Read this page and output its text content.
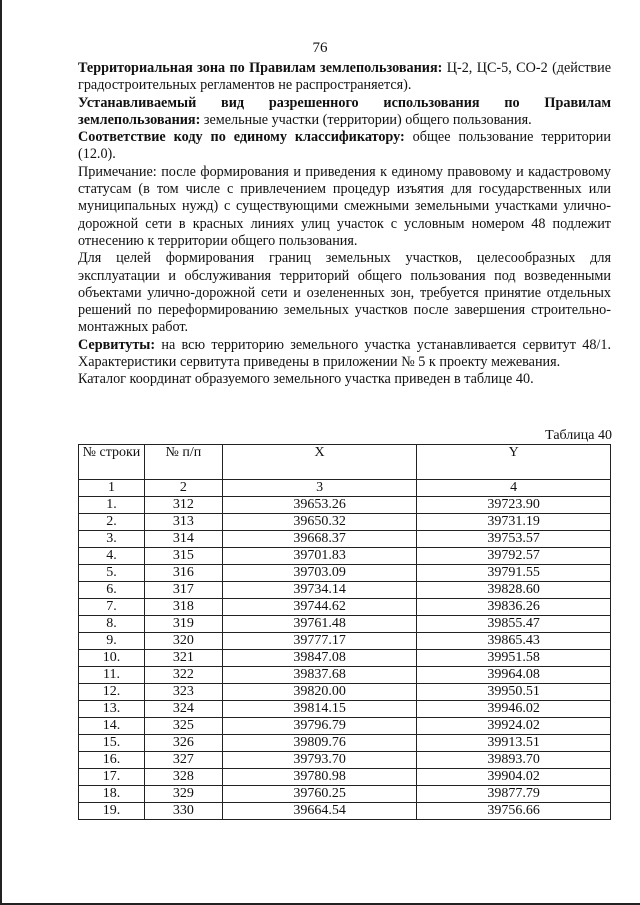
76

Территориальная зона по Правилам землепользования: Ц-2, ЦС-5, СО-2 (действие градостроительных регламентов не распространяется).

Устанавливаемый вид разрешенного использования по Правилам землепользования: земельные участки (территории) общего пользования.

Соответствие коду по единому классификатору: общее пользование территории (12.0).

Примечание: после формирования и приведения к единому правовому и кадастровому статусам (в том числе с привлечением процедур изъятия для государственных или муниципальных нужд) с существующими смежными земельными участками улично-дорожной сети в красных линиях улиц участок с условным номером 48 подлежит отнесению к территории общего пользования.

Для целей формирования границ земельных участков, целесообразных для эксплуатации и обслуживания территорий общего пользования под возведенными объектами улично-дорожной сети и озелененных зон, требуется принятие отдельных решений по переформированию земельных участков после завершения строительно-монтажных работ.

Сервитуты: на всю территорию земельного участка устанавливается сервитут 48/1. Характеристики сервитута приведены в приложении № 5 к проекту межевания.

Каталог координат образуемого земельного участка приведен в таблице 40.

Таблица 40
№ строки	№ п/п	X	Y
1	2	3	4
1.	312	39653.26	39723.90
2.	313	39650.32	39731.19
3.	314	39668.37	39753.57
4.	315	39701.83	39792.57
5.	316	39703.09	39791.55
6.	317	39734.14	39828.60
7.	318	39744.62	39836.26
8.	319	39761.48	39855.47
9.	320	39777.17	39865.43
10.	321	39847.08	39951.58
11.	322	39837.68	39964.08
12.	323	39820.00	39950.51
13.	324	39814.15	39946.02
14.	325	39796.79	39924.02
15.	326	39809.76	39913.51
16.	327	39793.70	39893.70
17.	328	39780.98	39904.02
18.	329	39760.25	39877.79
19.	330	39664.54	39756.66
